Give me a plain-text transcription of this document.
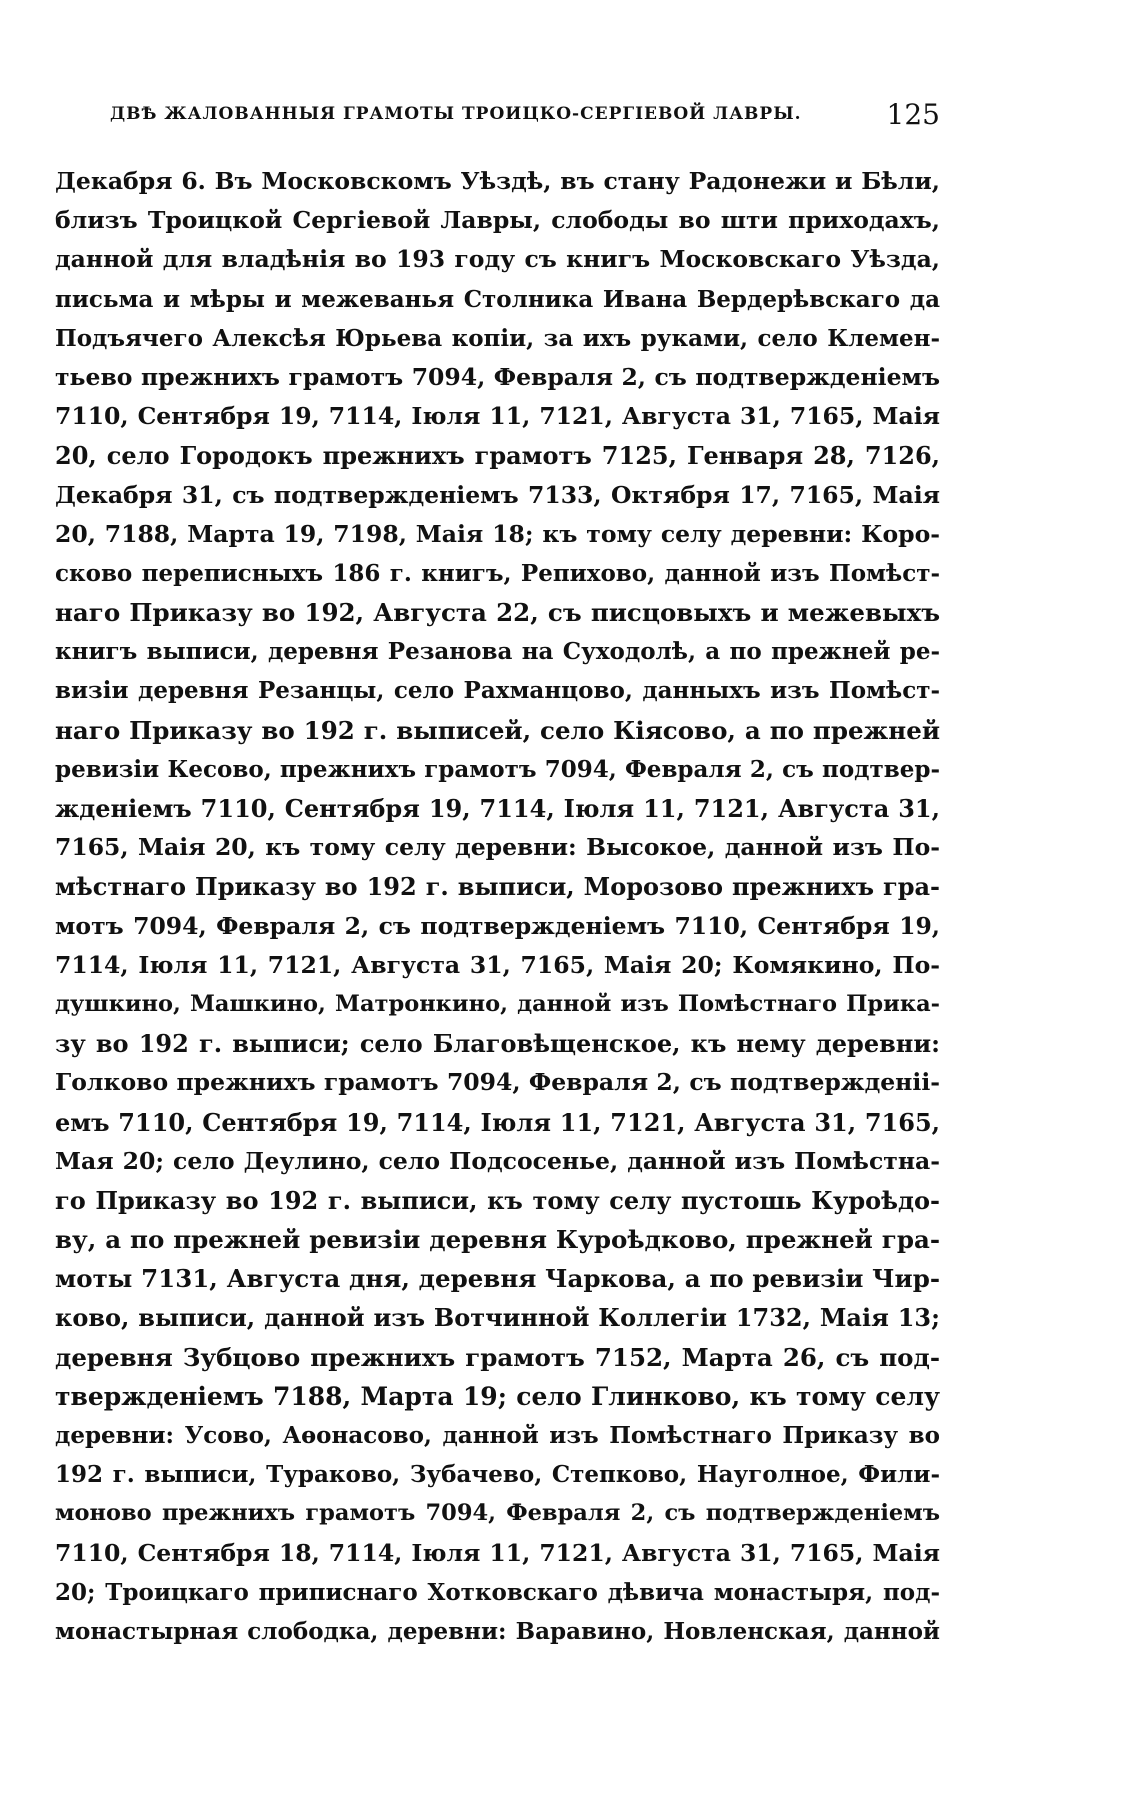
ДВѢ ЖАЛОВАННЫЯ ГРАМОТЫ ТРОИЦКО-СЕРГІЕВОЙ ЛАВРЫ.	125
Декабря 6. Въ Московскомъ Уѣздѣ, въ стану Радонежи и Бѣли,
близъ Троицкой Сергіевой Лавры, слободы во шти приходахъ,
данной для владѣнія во 193 году съ книгъ Московскаго Уѣзда,
письма и мѣры и межеванья Столника Ивана Вердерѣвскаго да
Подъячего Алексѣя Юрьева копіи, за ихъ руками, село Клемен-
тьево прежнихъ грамотъ 7094, Февраля 2, съ подтвержденіемъ
7110, Сентября 19, 7114, Іюля 11, 7121, Августа 31, 7165, Маія
20, село Городокъ прежнихъ грамотъ 7125, Генваря 28, 7126,
Декабря 31, съ подтвержденіемъ 7133, Октября 17, 7165, Маія
20, 7188, Марта 19, 7198, Маія 18; къ тому селу деревни: Коро-
сково переписныхъ 186 г. книгъ, Репихово, данной изъ Помѣст-
наго Приказу во 192, Августа 22, съ писцовыхъ и межевыхъ
книгъ выписи, деревня Резанова на Суходолѣ, а по прежней ре-
визіи деревня Резанцы, село Рахманцово, данныхъ изъ Помѣст-
наго Приказу во 192 г. выписей, село Кіясово, а по прежней
ревизіи Кесово, прежнихъ грамотъ 7094, Февраля 2, съ подтвер-
жденіемъ 7110, Сентября 19, 7114, Іюля 11, 7121, Августа 31,
7165, Маія 20, къ тому селу деревни: Высокое, данной изъ По-
мѣстнаго Приказу во 192 г. выписи, Морозово прежнихъ гра-
мотъ 7094, Февраля 2, съ подтвержденіемъ 7110, Сентября 19,
7114, Іюля 11, 7121, Августа 31, 7165, Маія 20; Комякино, По-
душкино, Машкино, Матронкино, данной изъ Помѣстнаго Прика-
зу во 192 г. выписи; село Благовѣщенское, къ нему деревни:
Голково прежнихъ грамотъ 7094, Февраля 2, съ подтвержденіі-
емъ 7110, Сентября 19, 7114, Іюля 11, 7121, Августа 31, 7165,
Мая 20; село Деулино, село Подсосенье, данной изъ Помѣстна-
го Приказу во 192 г. выписи, къ тому селу пустошь Куроѣдо-
ву, а по прежней ревизіи деревня Куроѣдково, прежней гра-
моты 7131, Августа дня, деревня Чаркова, а по ревизіи Чир-
ково, выписи, данной изъ Вотчинной Коллегіи 1732, Маія 13;
деревня Зубцово прежнихъ грамотъ 7152, Марта 26, съ под-
твержденіемъ 7188, Марта 19; село Глинково, къ тому селу
деревни: Усово, Аѳонасово, данной изъ Помѣстнаго Приказу во
192 г. выписи, Тураково, Зубачево, Степково, Науголное, Фили-
моново прежнихъ грамотъ 7094, Февраля 2, съ подтвержденіемъ
7110, Сентября 18, 7114, Іюля 11, 7121, Августа 31, 7165, Маія
20; Троицкаго приписнаго Хотковскаго дѣвича монастыря, под-
монастырная слободка, деревни: Варавино, Новленская, данной
